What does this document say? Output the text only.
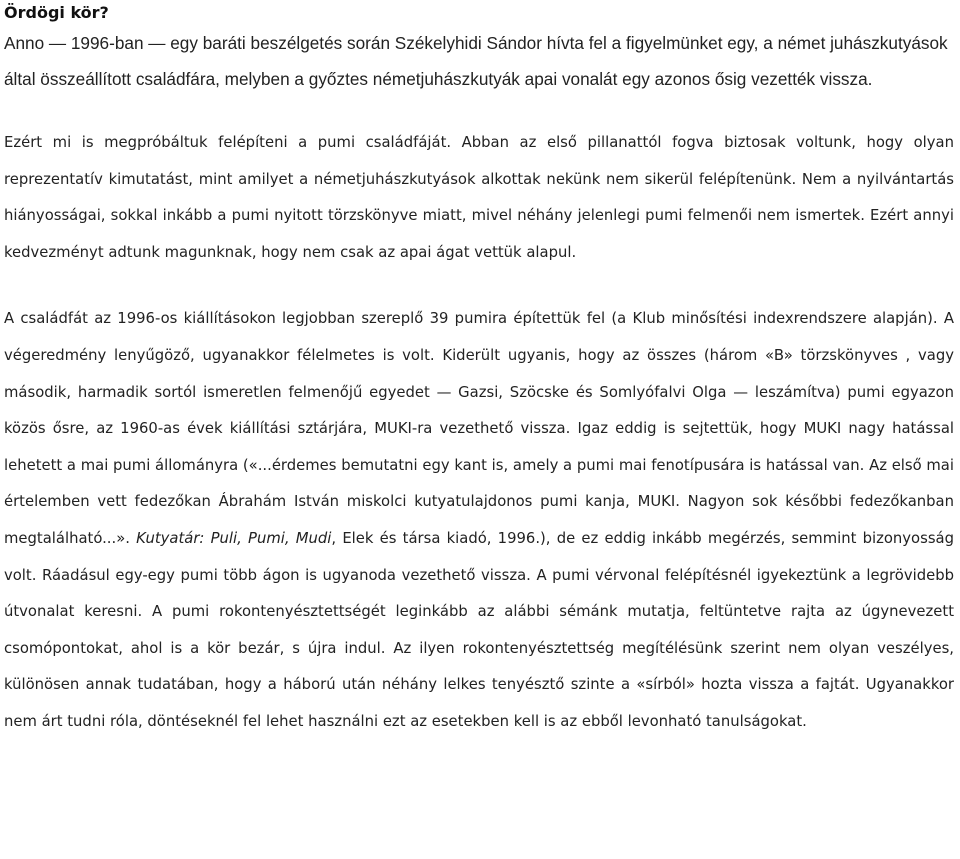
Ördögi kör?

Anno — 1996-ban — egy baráti beszélgetés során Székelyhidi Sándor hívta fel a figyelmünket egy, a német juhászkutyások által összeállított családfára, melyben a győztes németjuhászkutyák apai vonalát egy azonos ősig vezették vissza.

Ezért mi is megpróbáltuk felépíteni a pumi családfáját. Abban az első pillanattól fogva biztosak voltunk, hogy olyan reprezentatív kimutatást, mint amilyet a németjuhászkutyások alkottak nekünk nem sikerül felépítenünk. Nem a nyilvántartás hiányosságai, sokkal inkább a pumi nyitott törzskönyve miatt, mivel néhány jelenlegi pumi felmenői nem ismertek. Ezért annyi kedvezményt adtunk magunknak, hogy nem csak az apai ágat vettük alapul.

A családfát az 1996-os kiállításokon legjobban szereplő 39 pumira építettük fel (a Klub minősítési indexrendszere alapján). A végeredmény lenyűgöző, ugyanakkor félelmetes is volt. Kiderült ugyanis, hogy az összes (három «B» törzskönyves , vagy második, harmadik sortól ismeretlen felmenőjű egyedet — Gazsi, Szöcske és Somlyófalvi Olga — leszámítva) pumi egyazon közös ősre, az 1960-as évek kiállítási sztárjára, MUKI-ra vezethető vissza. Igaz eddig is sejtettük, hogy MUKI nagy hatással lehetett a mai pumi állományra («...érdemes bemutatni egy kant is, amely a pumi mai fenotípusára is hatással van. Az első mai értelemben vett fedezőkan Ábrahám István miskolci kutyatulajdonos pumi kanja, MUKI. Nagyon sok későbbi fedezőkanban megtalálható...». Kutyatár: Puli, Pumi, Mudi, Elek és társa kiadó, 1996.), de ez eddig inkább megérzés, semmint bizonyosság volt. Ráadásul egy-egy pumi több ágon is ugyanoda vezethető vissza. A pumi vérvonal felépítésnél igyekeztünk a legrövidebb útvonalat keresni. A pumi rokontenyésztettségét leginkább az alábbi sémánk mutatja, feltüntetve rajta az úgynevezett csomópontokat, ahol is a kör bezár, s újra indul. Az ilyen rokontenyésztettség megítélésünk szerint nem olyan veszélyes, különösen annak tudatában, hogy a háború után néhány lelkes tenyésztő szinte a «sírból» hozta vissza a fajtát. Ugyanakkor nem árt tudni róla, döntéseknél fel lehet használni ezt az esetekben kell is az ebből levonható tanulságokat.
